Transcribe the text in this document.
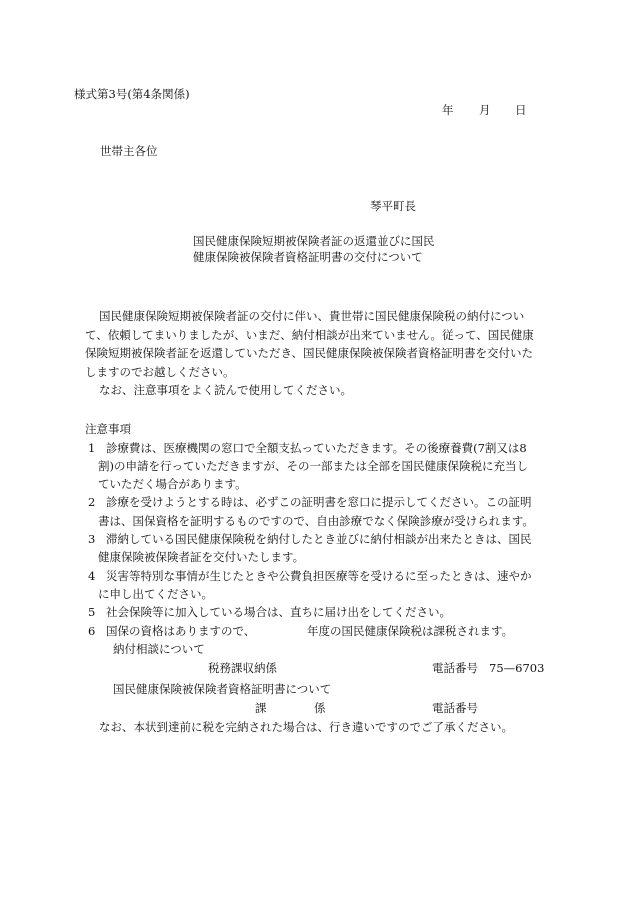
様式第3号(第4条関係)
年 月 日
世帯主各位
琴平町長
国民健康保険短期被保険者証の返還並びに国民
健康保険被保険者資格証明書の交付について
国民健康保険短期被保険者証の交付に伴い、貴世帯に国民健康保険税の納付につい
て、依頼してまいりましたが、いまだ、納付相談が出来ていません。従って、国民健康
保険短期被保険者証を返還していただき、国民健康保険被保険者資格証明書を交付いた
しますのでお越しください。
なお、注意事項をよく読んで使用してください。
注意事項
1 診療費は、医療機関の窓口で全額支払っていただきます。その後療養費(7割又は8
割)の申請を行っていただきますが、その一部または全部を国民健康保険税に充当し
ていただく場合があります。
2 診療を受けようとする時は、必ずこの証明書を窓口に提示してください。この証明
書は、国保資格を証明するものですので、自由診療でなく保険診療が受けられます。
3 滞納している国民健康保険税を納付したとき並びに納付相談が出来たときは、国民
健康保険被保険者証を交付いたします。
4 災害等特別な事情が生じたときや公費負担医療等を受けるに至ったときは、速やか
に申し出てください。
5 社会保険等に加入している場合は、直ちに届け出をしてください。
6 国保の資格はありますので、	年度の国民健康保険税は課税されます。
納付相談について
税務課収納係	電話番号 75—6703
国民健康保険被保険者資格証明書について
課	係	電話番号
なお、本状到達前に税を完納された場合は、行き違いですのでご了承ください。
